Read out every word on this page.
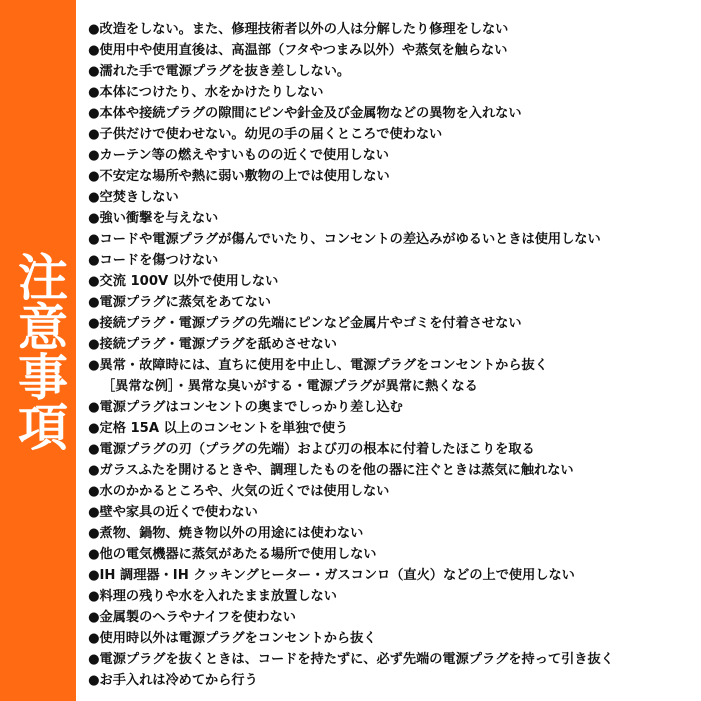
注意事項
●改造をしない。また、修理技術者以外の人は分解したり修理をしない
●使用中や使用直後は、高温部（フタやつまみ以外）や蒸気を触らない
●濡れた手で電源プラグを抜き差ししない。
●本体につけたり、水をかけたりしない
●本体や接続プラグの隙間にピンや針金及び金属物などの異物を入れない
●子供だけで使わせない。幼児の手の届くところで使わない
●カーテン等の燃えやすいものの近くで使用しない
●不安定な場所や熱に弱い敷物の上では使用しない
●空焚きしない
●強い衝撃を与えない
●コードや電源プラグが傷んでいたり、コンセントの差込みがゆるいときは使用しない
●コードを傷つけない
●交流 100V 以外で使用しない
●電源プラグに蒸気をあてない
●接続プラグ・電源プラグの先端にピンなど金属片やゴミを付着させない
●接続プラグ・電源プラグを舐めさせない
●異常・故障時には、直ちに使用を中止し、電源プラグをコンセントから抜く
［異常な例］・異常な臭いがする・電源プラグが異常に熱くなる
●電源プラグはコンセントの奥までしっかり差し込む
●定格 15A 以上のコンセントを単独で使う
●電源プラグの刃（プラグの先端）および刃の根本に付着したほこりを取る
●ガラスふたを開けるときや、調理したものを他の器に注ぐときは蒸気に触れない
●水のかかるところや、火気の近くでは使用しない
●壁や家具の近くで使わない
●煮物、鍋物、焼き物以外の用途には使わない
●他の電気機器に蒸気があたる場所で使用しない
●IH 調理器・IH クッキングヒーター・ガスコンロ（直火）などの上で使用しない
●料理の残りや水を入れたまま放置しない
●金属製のヘラやナイフを使わない
●使用時以外は電源プラグをコンセントから抜く
●電源プラグを抜くときは、コードを持たずに、必ず先端の電源プラグを持って引き抜く
●お手入れは冷めてから行う
